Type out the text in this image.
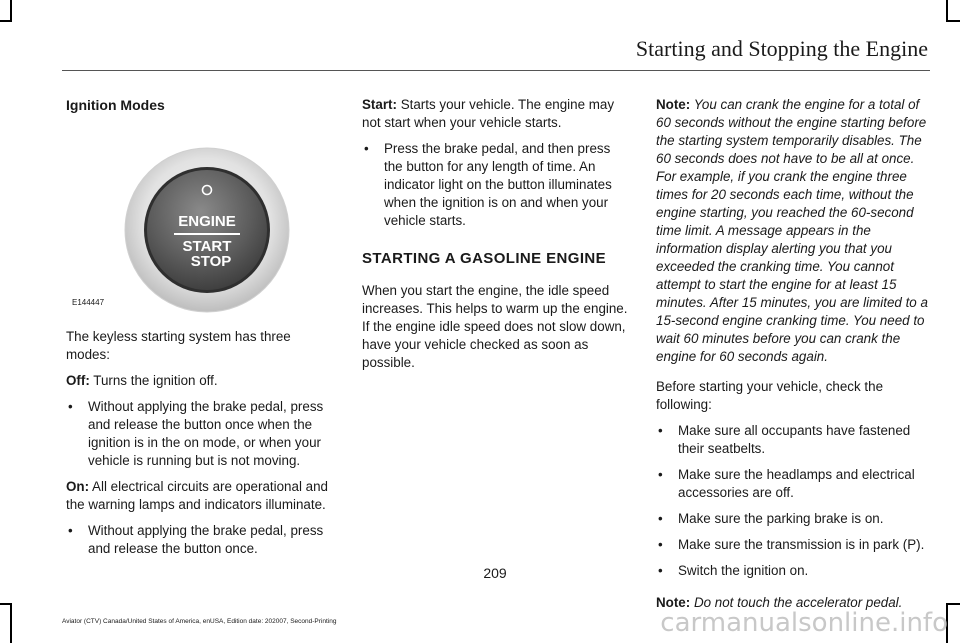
Starting and Stopping the Engine
Ignition Modes
ENGINE
START
STOP
E144447

The keyless starting system has three modes:

Off: Turns the ignition off.

• Without applying the brake pedal, press and release the button once when the ignition is in the on mode, or when your vehicle is running but is not moving.

On: All electrical circuits are operational and the warning lamps and indicators illuminate.

• Without applying the brake pedal, press and release the button once.

Start: Starts your vehicle. The engine may not start when your vehicle starts.

• Press the brake pedal, and then press the button for any length of time. An indicator light on the button illuminates when the ignition is on and when your vehicle starts.
STARTING A GASOLINE ENGINE

When you start the engine, the idle speed increases. This helps to warm up the engine. If the engine idle speed does not slow down, have your vehicle checked as soon as possible.

Note: You can crank the engine for a total of 60 seconds without the engine starting before the starting system temporarily disables. The 60 seconds does not have to be all at once. For example, if you crank the engine three times for 20 seconds each time, without the engine starting, you reached the 60-second time limit. A message appears in the information display alerting you that you exceeded the cranking time. You cannot attempt to start the engine for at least 15 minutes. After 15 minutes, you are limited to a 15-second engine cranking time. You need to wait 60 minutes before you can crank the engine for 60 seconds again.

Before starting your vehicle, check the following:

• Make sure all occupants have fastened their seatbelts.
• Make sure the headlamps and electrical accessories are off.
• Make sure the parking brake is on.
• Make sure the transmission is in park (P).
• Switch the ignition on.

Note: Do not touch the accelerator pedal.

209
Aviator (CTV) Canada/United States of America, enUSA, Edition date: 202007, Second-Printing	carmanualsonline.info
